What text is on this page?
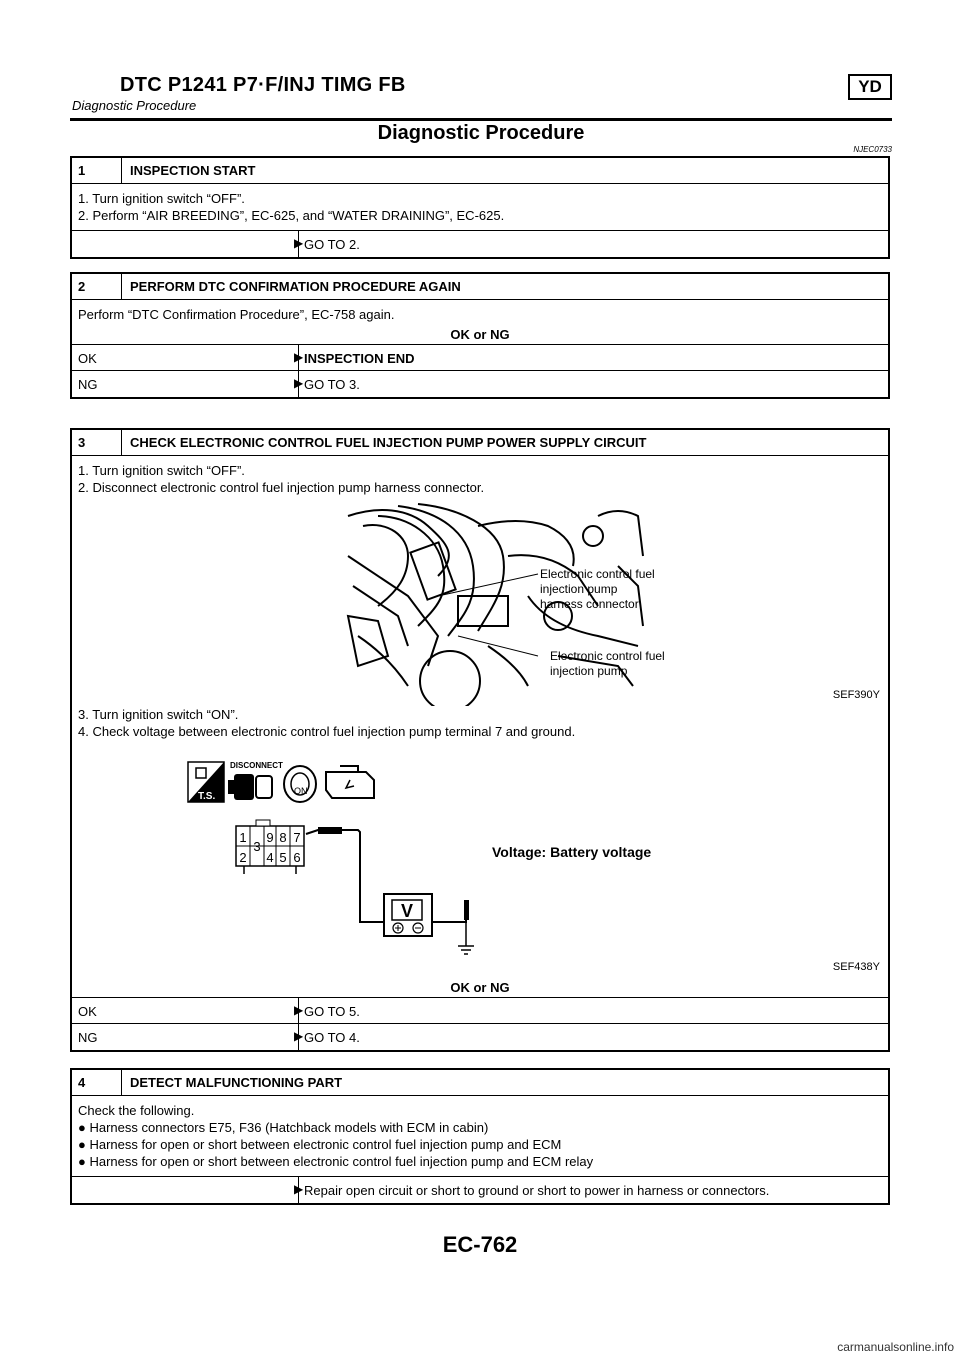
DTC P1241 P7·F/INJ TIMG FB
Diagnostic Procedure
YD
Diagnostic Procedure
NJEC0733
1	INSPECTION START
1. Turn ignition switch “OFF”.
2. Perform “AIR BREEDING”, EC-625, and “WATER DRAINING”, EC-625.
▶ GO TO 2.
2	PERFORM DTC CONFIRMATION PROCEDURE AGAIN
Perform “DTC Confirmation Procedure”, EC-758 again.
OK or NG
OK	▶ INSPECTION END
NG	▶ GO TO 3.
3	CHECK ELECTRONIC CONTROL FUEL INJECTION PUMP POWER SUPPLY CIRCUIT
1. Turn ignition switch “OFF”.
2. Disconnect electronic control fuel injection pump harness connector.
Electronic control fuel
injection pump
harness connector
Electronic control fuel
injection pump
SEF390Y
3. Turn ignition switch “ON”.
4. Check voltage between electronic control fuel injection pump terminal 7 and ground.
T.S.
DISCONNECT
ON
1 9 8 7
3
2 4 5 6
V
Voltage: Battery voltage
SEF438Y
OK or NG
OK	▶ GO TO 5.
NG	▶ GO TO 4.
4	DETECT MALFUNCTIONING PART
Check the following.
● Harness connectors E75, F36 (Hatchback models with ECM in cabin)
● Harness for open or short between electronic control fuel injection pump and ECM
● Harness for open or short between electronic control fuel injection pump and ECM relay
▶ Repair open circuit or short to ground or short to power in harness or connectors.
EC-762
carmanualsonline.info
